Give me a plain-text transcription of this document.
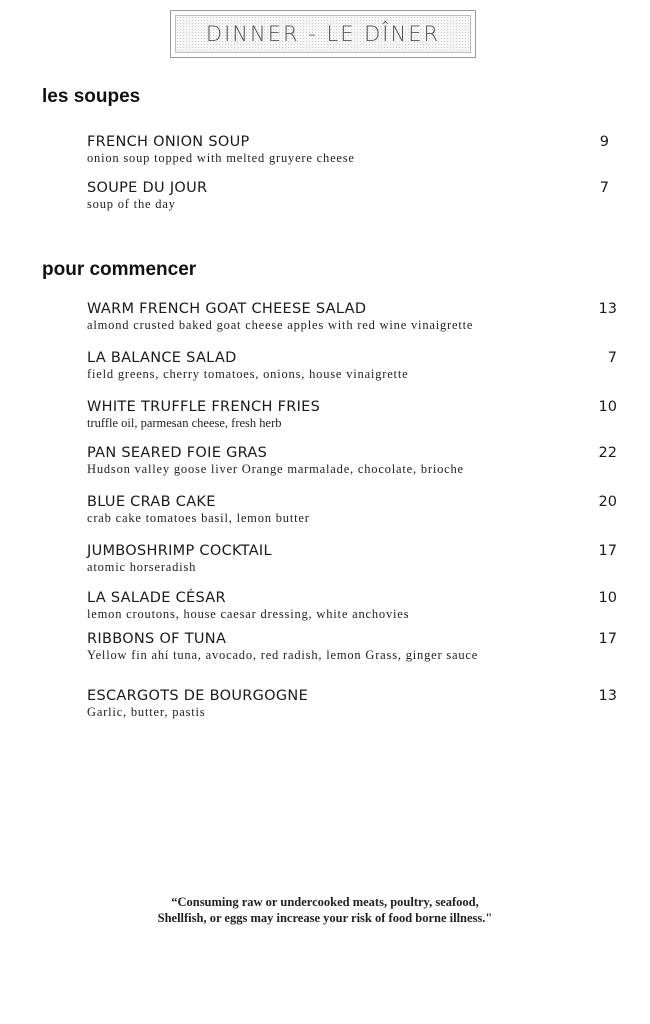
DINNER - LE DÎNER
les soupes
FRENCH ONION SOUP
onion soup topped with melted gruyere cheese
9
SOUPE DU JOUR
soup of the day
7
pour commencer
WARM FRENCH GOAT CHEESE SALAD
almond crusted baked goat cheese apples with red wine vinaigrette
13
LA BALANCE SALAD
field greens, cherry tomatoes, onions, house vinaigrette
7
WHITE TRUFFLE FRENCH FRIES
truffle oil, parmesan cheese, fresh herb
10
PAN SEARED FOIE GRAS
Hudson valley goose liver Orange marmalade, chocolate, brioche
22
BLUE CRAB CAKE
crab cake tomatoes basil, lemon butter
20
JUMBOSHRIMP COCKTAIL
atomic horseradish
17
LA SALADE CÉSAR
lemon croutons, house caesar dressing, white anchovies
10
RIBBONS OF TUNA
Yellow fin ahí tuna, avocado, red radish, lemon Grass, ginger sauce
17
ESCARGOTS DE BOURGOGNE
Garlic, butter, pastis
13
“Consuming raw or undercooked meats, poultry, seafood,
Shellfish, or eggs may increase your risk of food borne illness."
